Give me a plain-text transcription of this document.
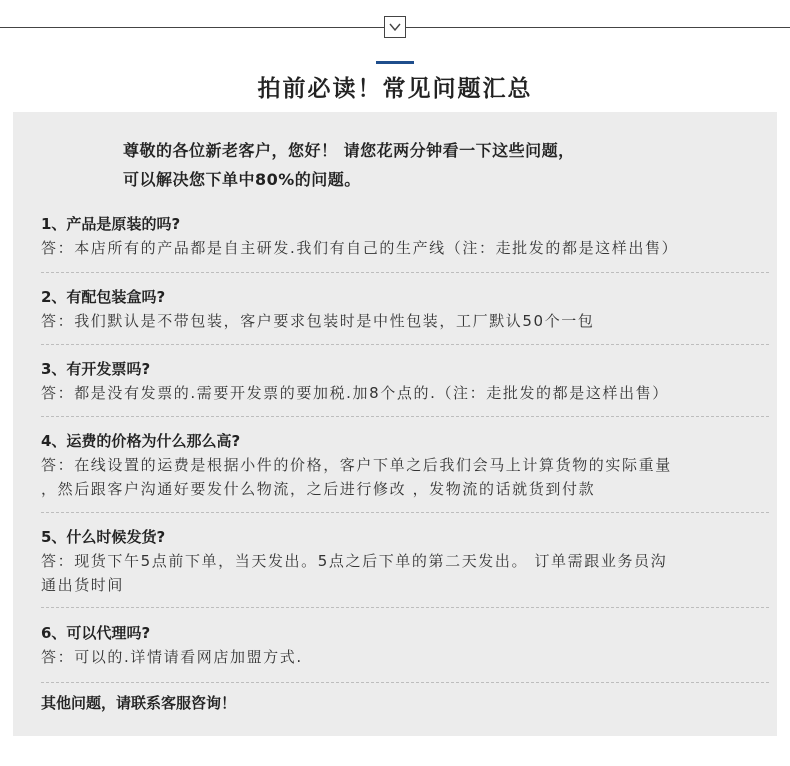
拍前必读！常见问题汇总
尊敬的各位新老客户，您好！ 请您花两分钟看一下这些问题，
可以解决您下单中80%的问题。
1、产品是原装的吗?
答：本店所有的产品都是自主研发.我们有自己的生产线（注：走批发的都是这样出售）
2、有配包装盒吗?
答：我们默认是不带包装，客户要求包装时是中性包装，工厂默认50个一包
3、有开发票吗?
答：都是没有发票的.需要开发票的要加税.加8个点的.（注：走批发的都是这样出售）
4、运费的价格为什么那么高?
答：在线设置的运费是根据小件的价格，客户下单之后我们会马上计算货物的实际重量
，然后跟客户沟通好要发什么物流，之后进行修改 ，发物流的话就货到付款
5、什么时候发货?
答：现货下午5点前下单，当天发出。5点之后下单的第二天发出。 订单需跟业务员沟
通出货时间
6、可以代理吗?
答：可以的.详情请看网店加盟方式.
其他问题，请联系客服咨询！
